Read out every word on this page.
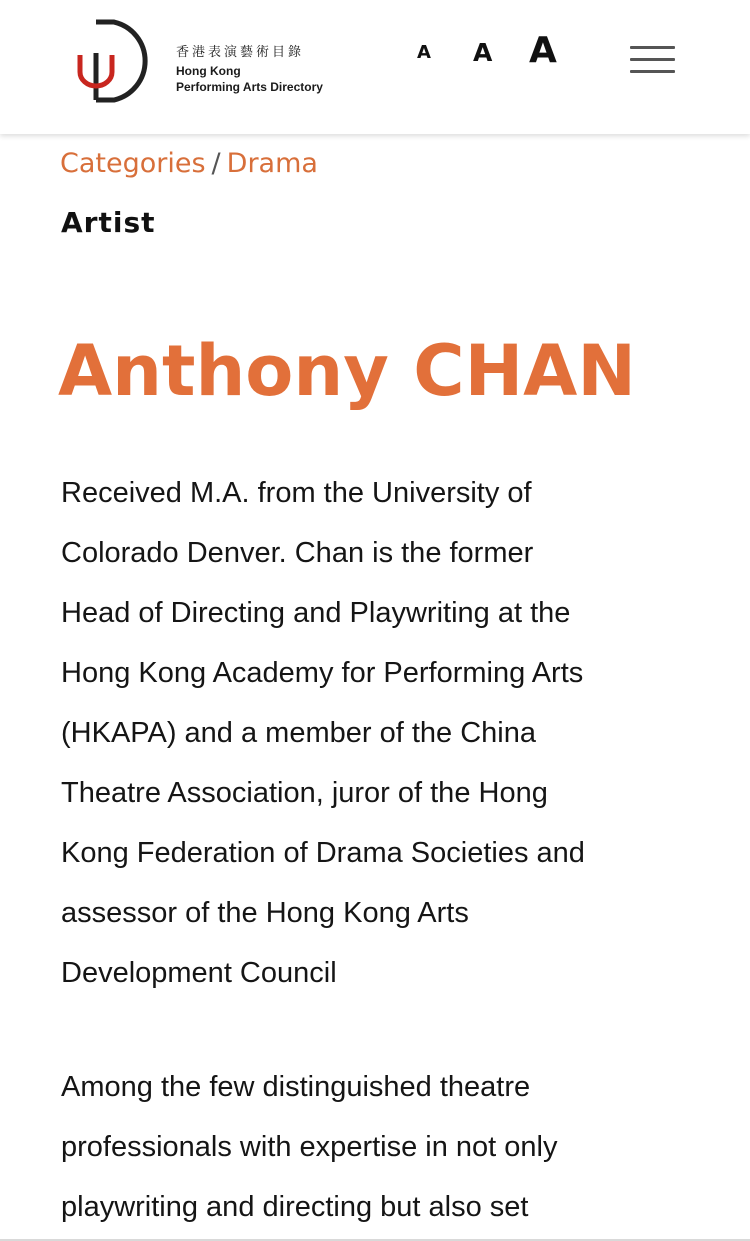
香港表演藝術目錄
Hong Kong
Performing Arts Directory
A A A
Categories / Drama
Artist
Anthony CHAN

Received M.A. from the University of Colorado Denver. Chan is the former Head of Directing and Playwriting at the Hong Kong Academy for Performing Arts (HKAPA) and a member of the China Theatre Association, juror of the Hong Kong Federation of Drama Societies and assessor of the Hong Kong Arts Development Council

Among the few distinguished theatre professionals with expertise in not only playwriting and directing but also set
